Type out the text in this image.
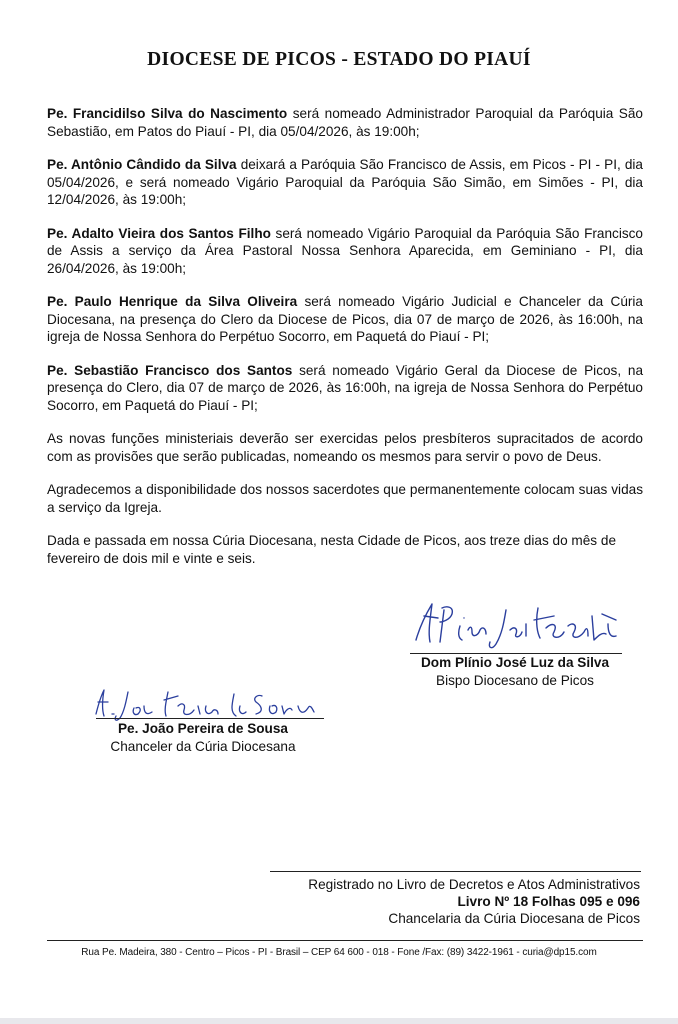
DIOCESE DE PICOS - ESTADO DO PIAUÍ

Pe. Francidilso Silva do Nascimento será nomeado Administrador Paroquial da Paróquia São Sebastião, em Patos do Piauí - PI, dia 05/04/2026, às 19:00h;

Pe. Antônio Cândido da Silva deixará a Paróquia São Francisco de Assis, em Picos - PI - PI, dia 05/04/2026, e será nomeado Vigário Paroquial da Paróquia São Simão, em Simões - PI, dia 12/04/2026, às 19:00h;

Pe. Adalto Vieira dos Santos Filho será nomeado Vigário Paroquial da Paróquia São Francisco de Assis a serviço da Área Pastoral Nossa Senhora Aparecida, em Geminiano - PI, dia 26/04/2026, às 19:00h;

Pe. Paulo Henrique da Silva Oliveira será nomeado Vigário Judicial e Chanceler da Cúria Diocesana, na presença do Clero da Diocese de Picos, dia 07 de março de 2026, às 16:00h, na igreja de Nossa Senhora do Perpétuo Socorro, em Paquetá do Piauí - PI;

Pe. Sebastião Francisco dos Santos será nomeado Vigário Geral da Diocese de Picos, na presença do Clero, dia 07 de março de 2026, às 16:00h, na igreja de Nossa Senhora do Perpétuo Socorro, em Paquetá do Piauí - PI;

As novas funções ministeriais deverão ser exercidas pelos presbíteros supracitados de acordo com as provisões que serão publicadas, nomeando os mesmos para servir o povo de Deus.

Agradecemos a disponibilidade dos nossos sacerdotes que permanentemente colocam suas vidas a serviço da Igreja.

Dada e passada em nossa Cúria Diocesana, nesta Cidade de Picos, aos treze dias do mês de fevereiro de dois mil e vinte e seis.

Dom Plínio José Luz da Silva
Bispo Diocesano de Picos
Pe. João Pereira de Sousa
Chanceler da Cúria Diocesana
Registrado no Livro de Decretos e Atos Administrativos
Livro Nº 18 Folhas 095 e 096
Chancelaria da Cúria Diocesana de Picos
Rua Pe. Madeira, 380 - Centro – Picos - PI - Brasil – CEP 64 600 - 018 - Fone /Fax: (89) 3422-1961 - curia@dp15.com
